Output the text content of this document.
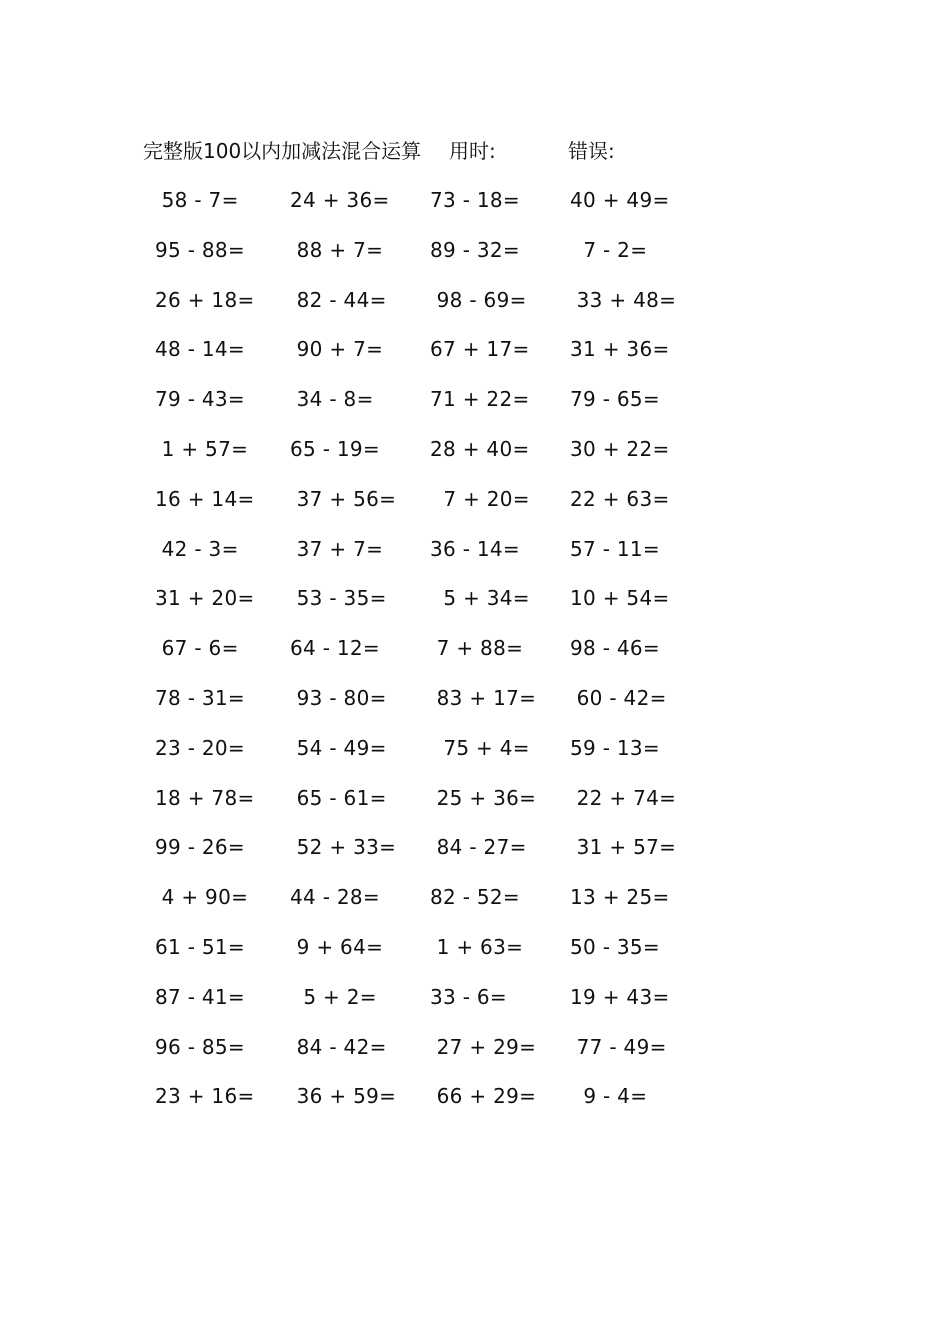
完整版100以内加减法混合运算 用时:	错误:
58 - 7=	24 + 36= 73 - 18=	40 + 49=
95 - 88= 88 + 7= 89 - 32=	7 - 2=
26 + 18= 82 - 44= 98 - 69= 33 + 48=
48 - 14= 90 + 7= 67 + 17= 31 + 36=
79 - 43= 34 - 8=	71 + 22= 79 - 65=
1 + 57= 65 - 19=	28 + 40= 30 + 22=
16 + 14= 37 + 56= 7 + 20= 22 + 63=
42 - 3=	37 + 7= 36 - 14=	57 - 11=
31 + 20= 53 - 35= 5 + 34= 10 + 54=
67 - 6=	64 - 12=	7 + 88= 98 - 46=
78 - 31= 93 - 80= 83 + 17= 60 - 42=
23 - 20= 54 - 49= 75 + 4= 59 - 13=
18 + 78= 65 - 61= 25 + 36= 22 + 74=
99 - 26= 52 + 33= 84 - 27= 31 + 57=
4 + 90= 44 - 28=	82 - 52=	13 + 25=
61 - 51= 9 + 64= 1 + 63= 50 - 35=
87 - 41= 5 + 2=	33 - 6=	19 + 43=
96 - 85= 84 - 42= 27 + 29= 77 - 49=
23 + 16= 36 + 59= 66 + 29= 9 - 4=
